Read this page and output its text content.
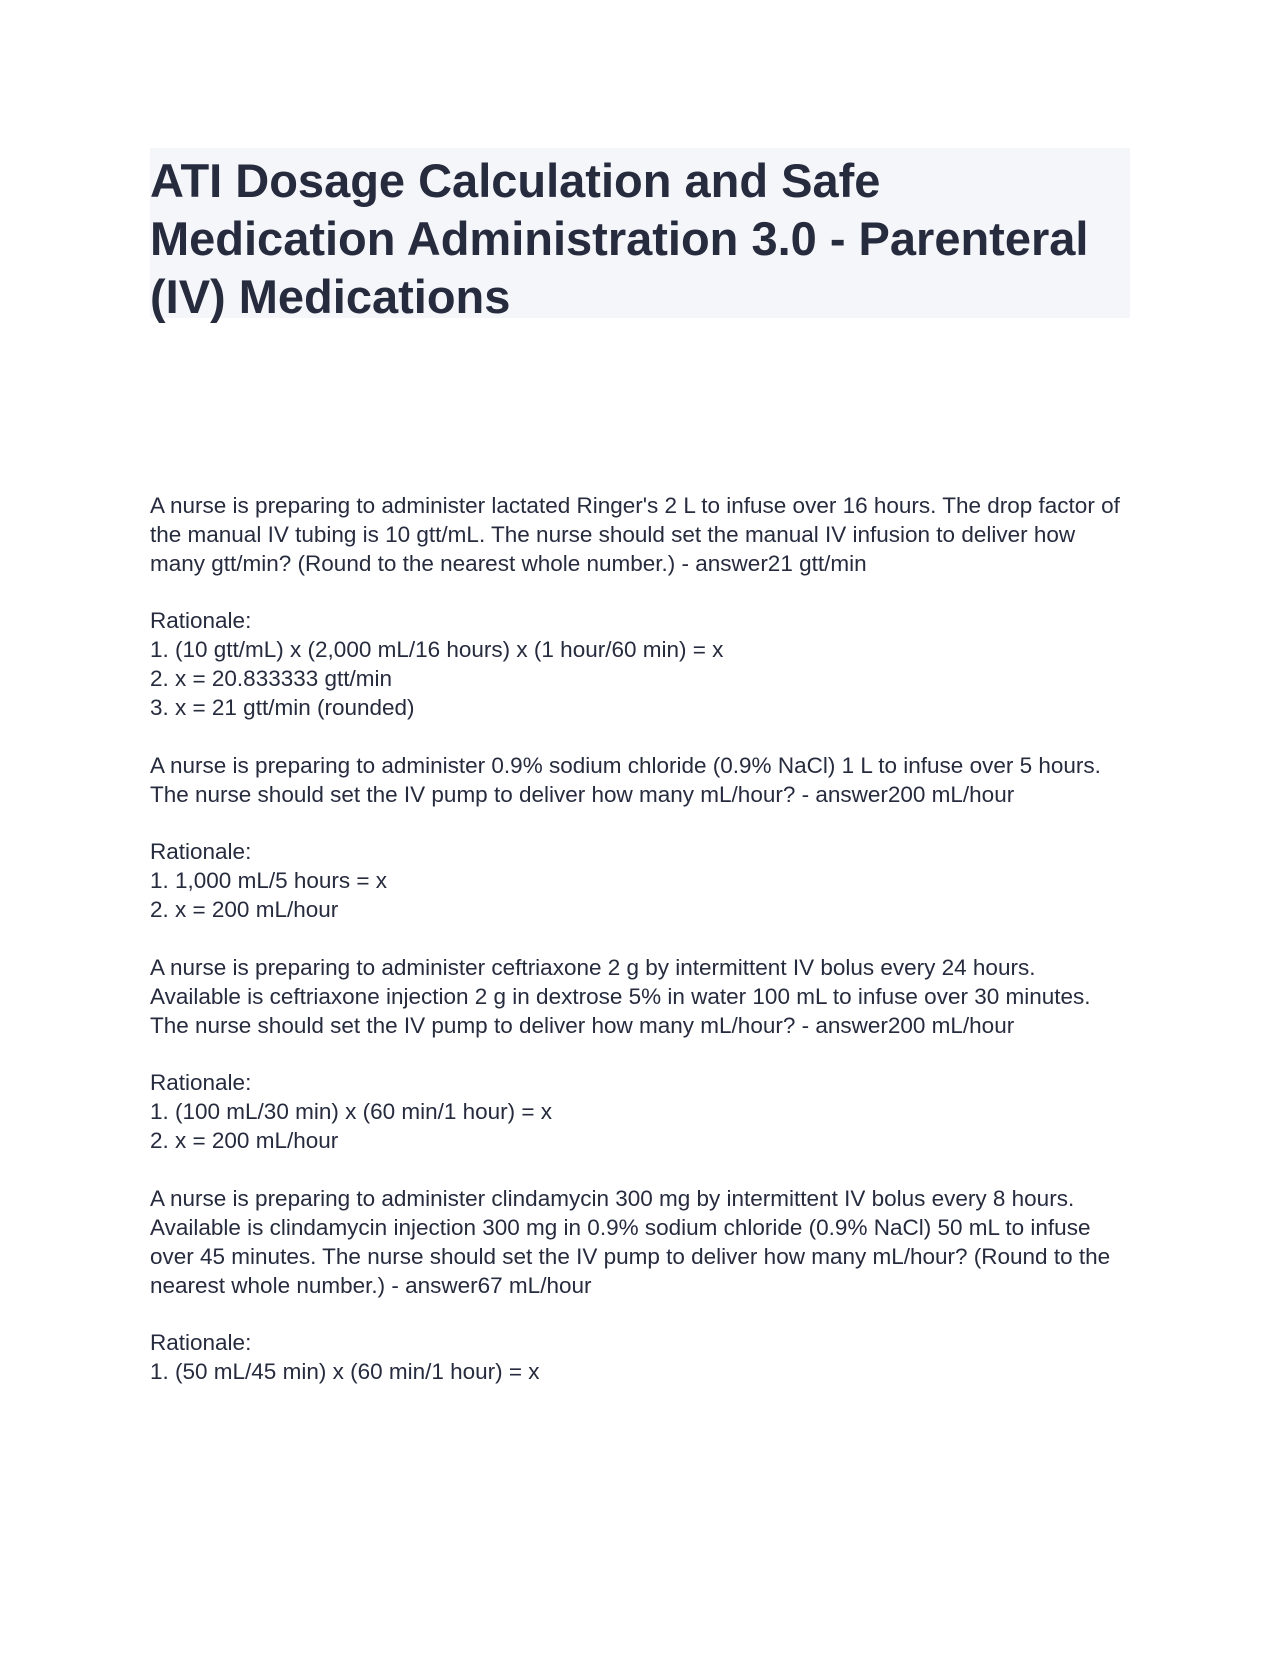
ATI Dosage Calculation and Safe Medication Administration 3.0 - Parenteral (IV) Medications

A nurse is preparing to administer lactated Ringer's 2 L to infuse over 16 hours. The drop factor of the manual IV tubing is 10 gtt/mL. The nurse should set the manual IV infusion to deliver how many gtt/min? (Round to the nearest whole number.) - answer21 gtt/min

Rationale:

1. (10 gtt/mL) x (2,000 mL/16 hours) x (1 hour/60 min) = x

2. x = 20.833333 gtt/min

3. x = 21 gtt/min (rounded)

A nurse is preparing to administer 0.9% sodium chloride (0.9% NaCl) 1 L to infuse over 5 hours. The nurse should set the IV pump to deliver how many mL/hour? - answer200 mL/hour

Rationale:

1. 1,000 mL/5 hours = x

2. x = 200 mL/hour

A nurse is preparing to administer ceftriaxone 2 g by intermittent IV bolus every 24 hours. Available is ceftriaxone injection 2 g in dextrose 5% in water 100 mL to infuse over 30 minutes. The nurse should set the IV pump to deliver how many mL/hour? - answer200 mL/hour

Rationale:

1. (100 mL/30 min) x (60 min/1 hour) = x

2. x = 200 mL/hour

A nurse is preparing to administer clindamycin 300 mg by intermittent IV bolus every 8 hours. Available is clindamycin injection 300 mg in 0.9% sodium chloride (0.9% NaCl) 50 mL to infuse over 45 minutes. The nurse should set the IV pump to deliver how many mL/hour? (Round to the nearest whole number.) - answer67 mL/hour

Rationale:

1. (50 mL/45 min) x (60 min/1 hour) = x
